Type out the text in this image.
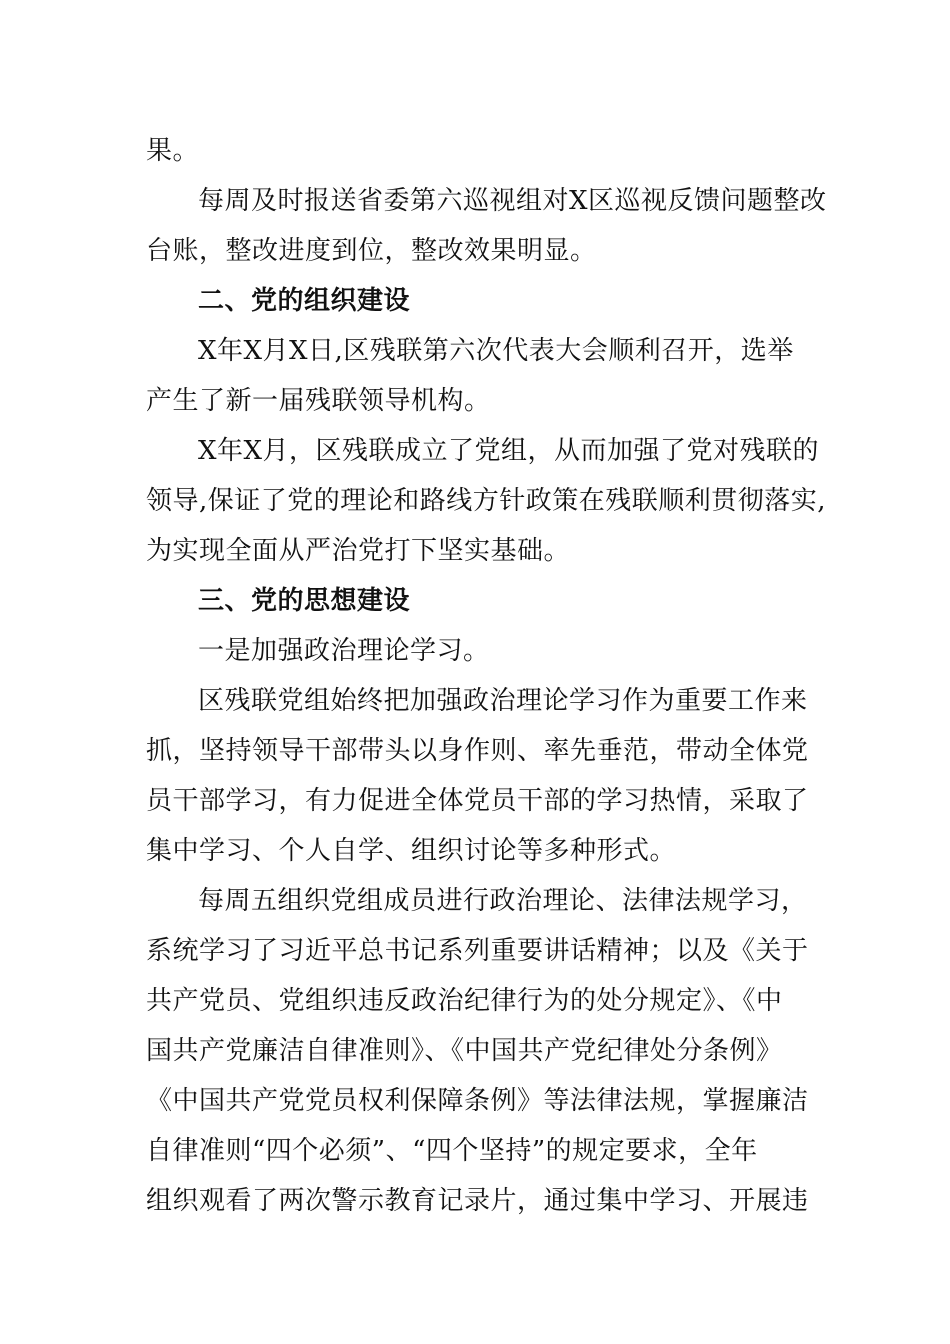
果。
每周及时报送省委第六巡视组对X区巡视反馈问题整改
台账，整改进度到位，整改效果明显。
二、党的组织建设
X年X月X日,区残联第六次代表大会顺利召开，选举
产生了新一届残联领导机构。
X年X月，区残联成立了党组，从而加强了党对残联的
领导,保证了党的理论和路线方针政策在残联顺利贯彻落实,
为实现全面从严治党打下坚实基础。
三、党的思想建设
一是加强政治理论学习。
区残联党组始终把加强政治理论学习作为重要工作来
抓，坚持领导干部带头以身作则、率先垂范，带动全体党
员干部学习，有力促进全体党员干部的学习热情，采取了
集中学习、个人自学、组织讨论等多种形式。
每周五组织党组成员进行政治理论、法律法规学习，
系统学习了习近平总书记系列重要讲话精神；以及《关于
共产党员、党组织违反政治纪律行为的处分规定》、《中
国共产党廉洁自律准则》、《中国共产党纪律处分条例》
《中国共产党党员权利保障条例》等法律法规，掌握廉洁
自律准则“四个必须”、“四个坚持”的规定要求，全年
组织观看了两次警示教育记录片，通过集中学习、开展违
